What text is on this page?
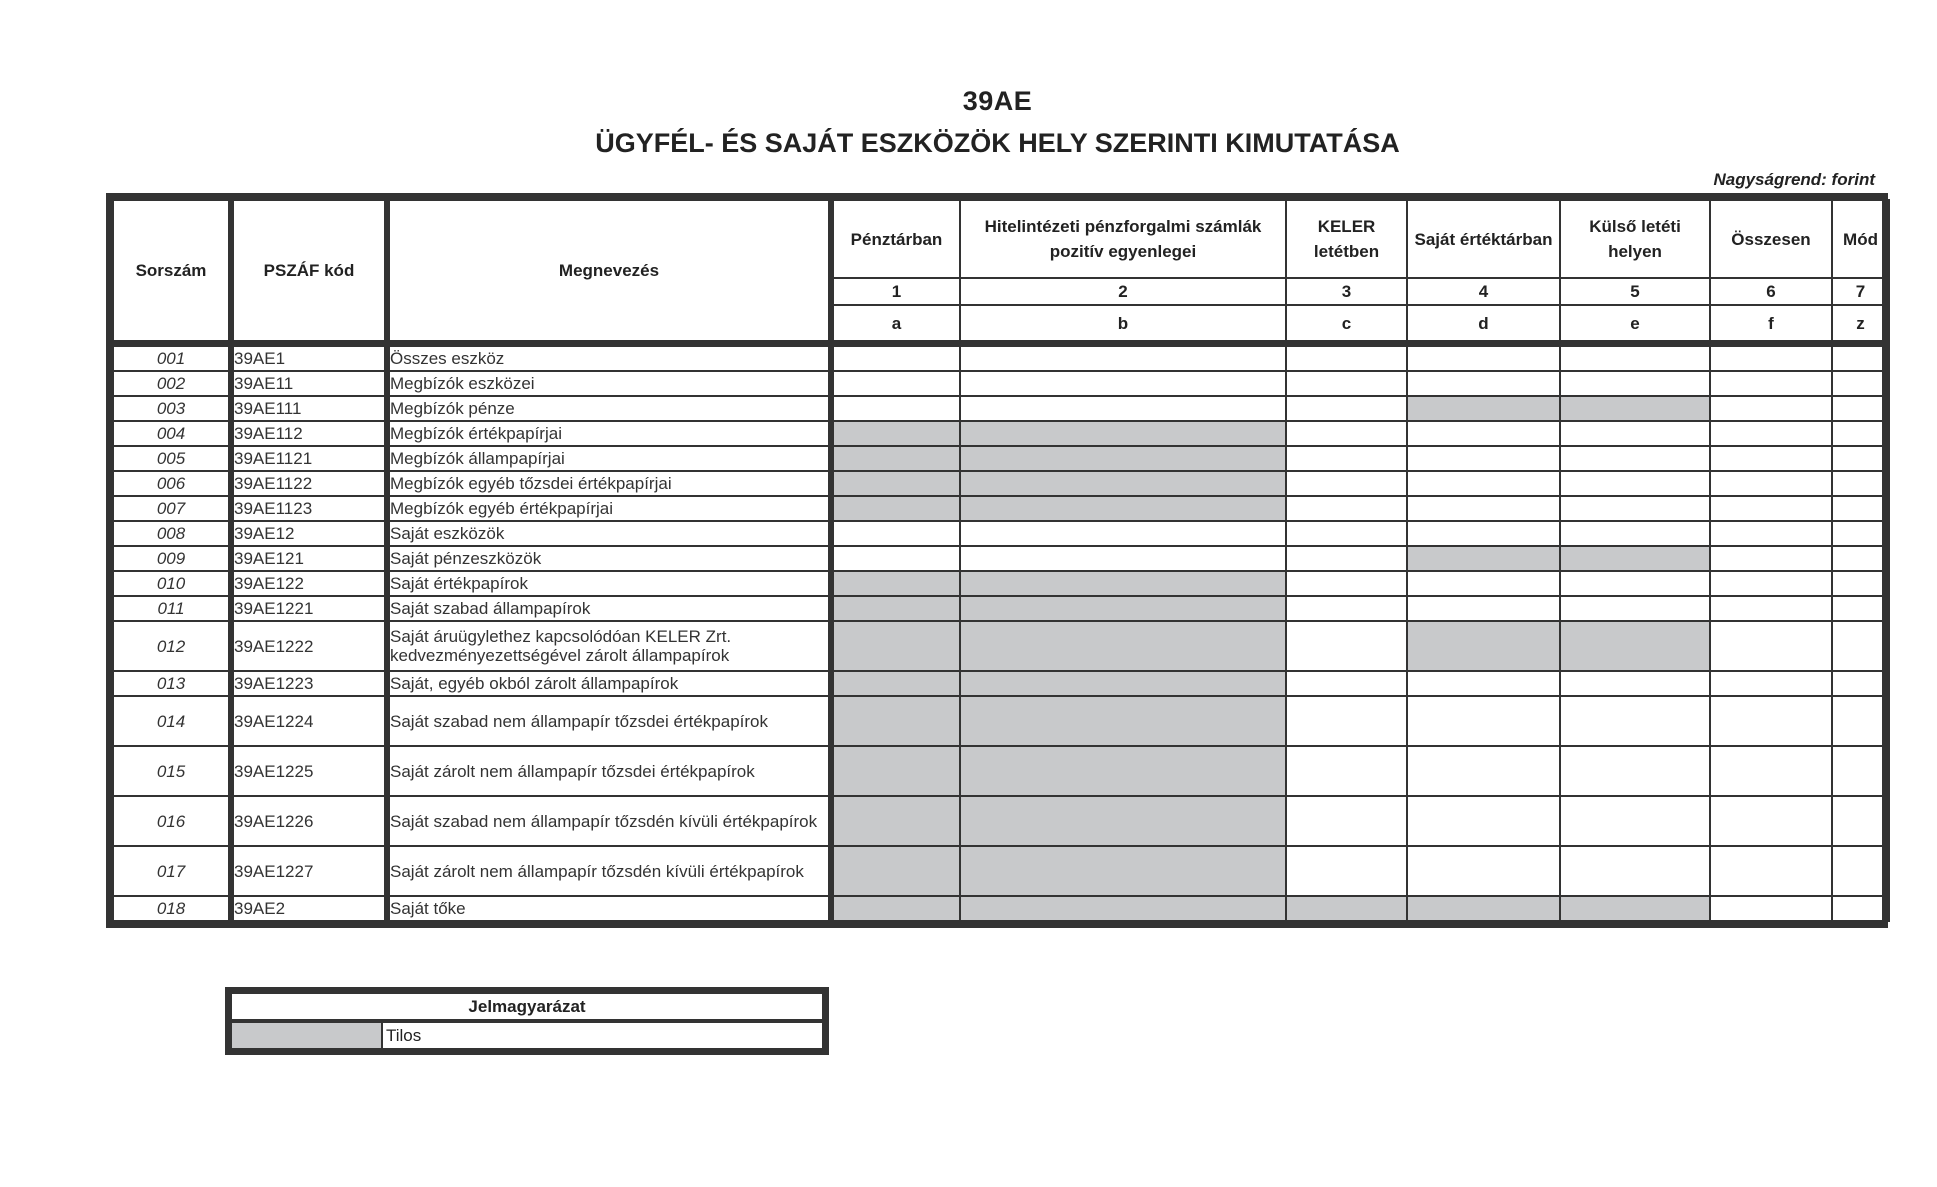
39AE
ÜGYFÉL- ÉS SAJÁT ESZKÖZÖK HELY SZERINTI KIMUTATÁSA
Nagyságrend: forint
Sorszám	PSZÁF kód	Megnevezés	Pénztárban	Hitelintézeti pénzforgalmi számlák pozitív egyenlegei	KELER letétben	Saját értéktárban	Külső letéti helyen	Összesen	Mód
			1	2	3	4	5	6	7
			a	b	c	d	e	f	z
001	39AE1	Összes eszköz							
002	39AE11	Megbízók eszközei							
003	39AE111	Megbízók pénze							
004	39AE112	Megbízók értékpapírjai							
005	39AE1121	Megbízók állampapírjai							
006	39AE1122	Megbízók egyéb tőzsdei értékpapírjai							
007	39AE1123	Megbízók egyéb értékpapírjai							
008	39AE12	Saját eszközök							
009	39AE121	Saját pénzeszközök							
010	39AE122	Saját értékpapírok							
011	39AE1221	Saját szabad állampapírok							
012	39AE1222	Saját áruügylethez kapcsolódóan KELER Zrt. kedvezményezettségével zárolt állampapírok							
013	39AE1223	Saját, egyéb okból zárolt állampapírok							
014	39AE1224	Saját szabad nem állampapír tőzsdei értékpapírok							
015	39AE1225	Saját zárolt nem állampapír tőzsdei értékpapírok							
016	39AE1226	Saját szabad nem állampapír tőzsdén kívüli értékpapírok							
017	39AE1227	Saját zárolt nem állampapír tőzsdén kívüli értékpapírok							
018	39AE2	Saját tőke							
Jelmagyarázat
	Tilos
